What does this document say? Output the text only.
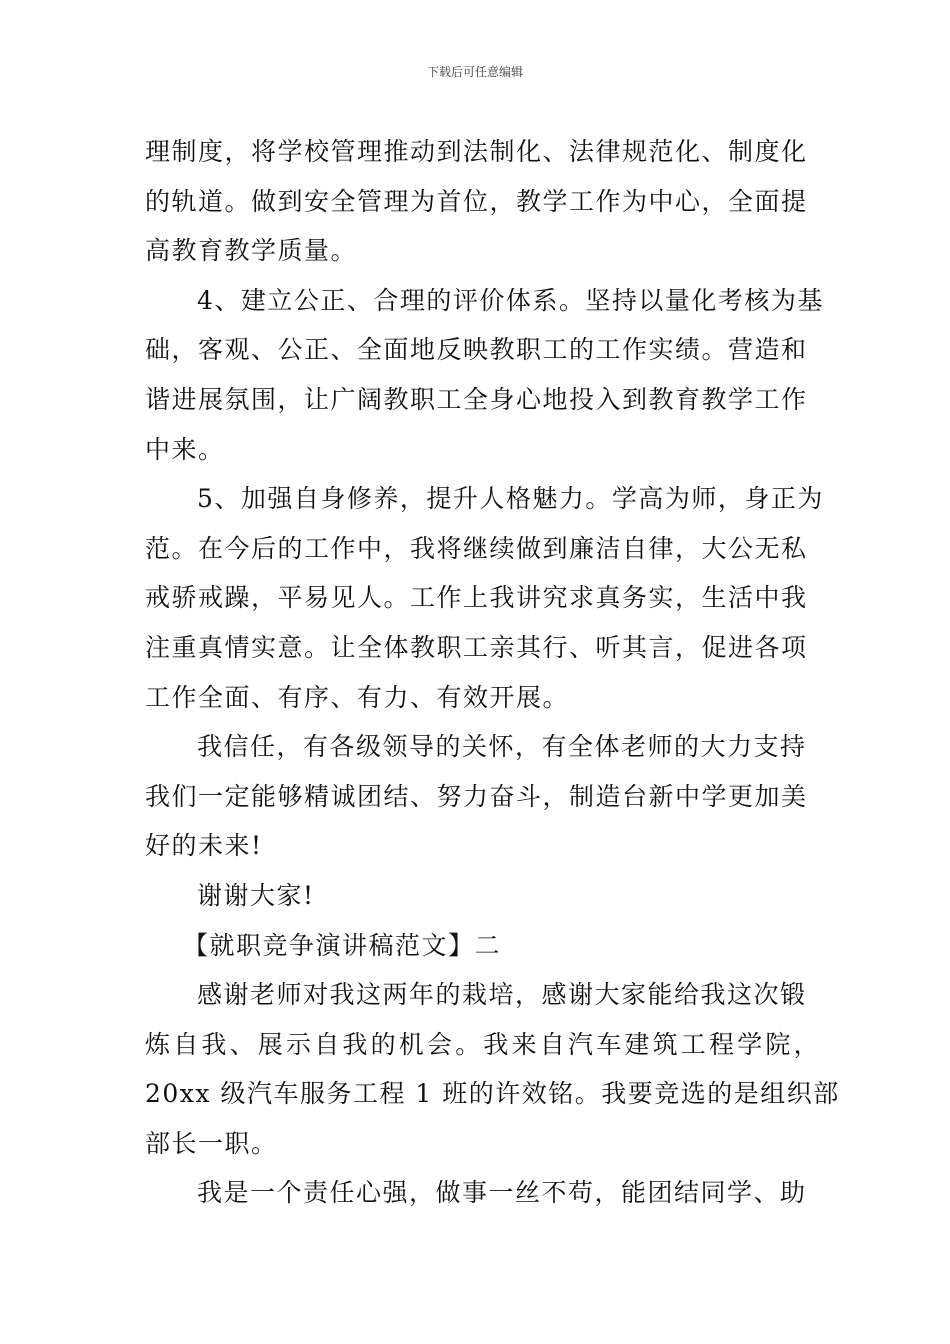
下载后可任意编辑

理制度，将学校管理推动到法制化、法律规范化、制度化
的轨道。做到安全管理为首位，教学工作为中心，全面提
高教育教学质量。

4、建立公正、合理的评价体系。坚持以量化考核为基
础，客观、公正、全面地反映教职工的工作实绩。营造和
谐进展氛围，让广阔教职工全身心地投入到教育教学工作
中来。

5、加强自身修养，提升人格魅力。学高为师，身正为
范。在今后的工作中，我将继续做到廉洁自律，大公无私
戒骄戒躁，平易见人。工作上我讲究求真务实，生活中我
注重真情实意。让全体教职工亲其行、听其言，促进各项
工作全面、有序、有力、有效开展。

我信任，有各级领导的关怀，有全体老师的大力支持
我们一定能够精诚团结、努力奋斗，制造台新中学更加美
好的未来!

谢谢大家!

【就职竞争演讲稿范文】二

感谢老师对我这两年的栽培，感谢大家能给我这次锻
炼自我、展示自我的机会。我来自汽车建筑工程学院，
20xx 级汽车服务工程 1 班的许效铭。我要竞选的是组织部
部长一职。

我是一个责任心强，做事一丝不苟，能团结同学、助
